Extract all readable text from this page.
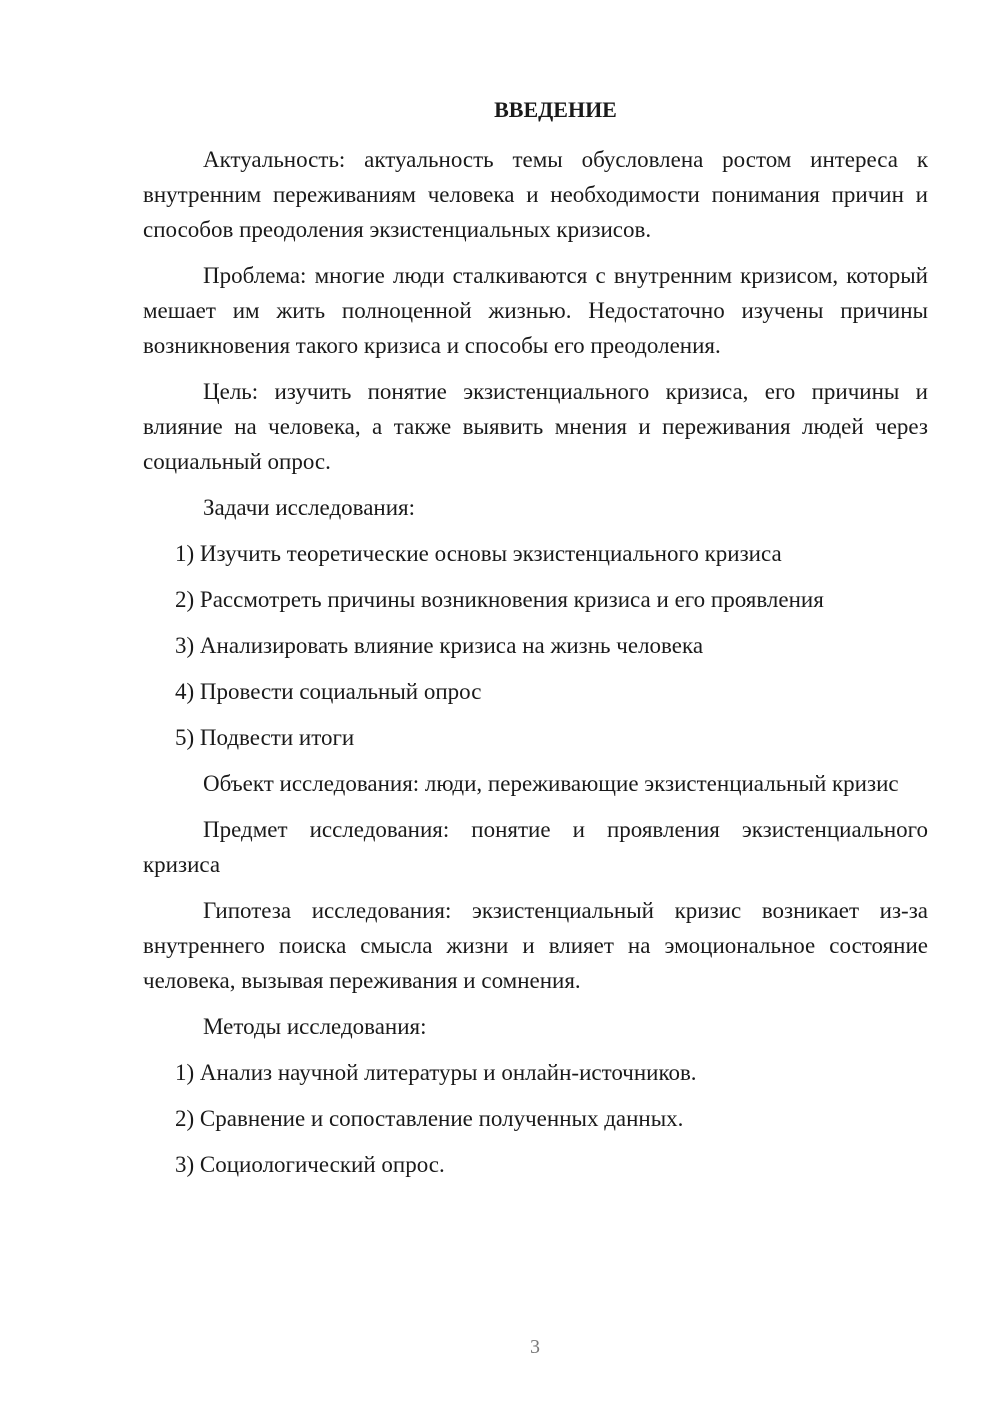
ВВЕДЕНИЕ

Актуальность: актуальность темы обусловлена ростом интереса к внутренним переживаниям человека и необходимости понимания причин и способов преодоления экзистенциальных кризисов.

Проблема: многие люди сталкиваются с внутренним кризисом, который мешает им жить полноценной жизнью. Недостаточно изучены причины возникновения такого кризиса и способы его преодоления.

Цель: изучить понятие экзистенциального кризиса, его причины и влияние на человека, а также выявить мнения и переживания людей через социальный опрос.

Задачи исследования:

1) Изучить теоретические основы экзистенциального кризиса
2) Рассмотреть причины возникновения кризиса и его проявления
3) Анализировать влияние кризиса на жизнь человека
4) Провести социальный опрос
5) Подвести итоги

Объект исследования: люди, переживающие экзистенциальный кризис

Предмет исследования: понятие и проявления экзистенциального кризиса

Гипотеза исследования: экзистенциальный кризис возникает из-за внутреннего поиска смысла жизни и влияет на эмоциональное состояние человека, вызывая переживания и сомнения.

Методы исследования:

1) Анализ научной литературы и онлайн-источников.
2) Сравнение и сопоставление полученных данных.
3) Социологический опрос.
3
